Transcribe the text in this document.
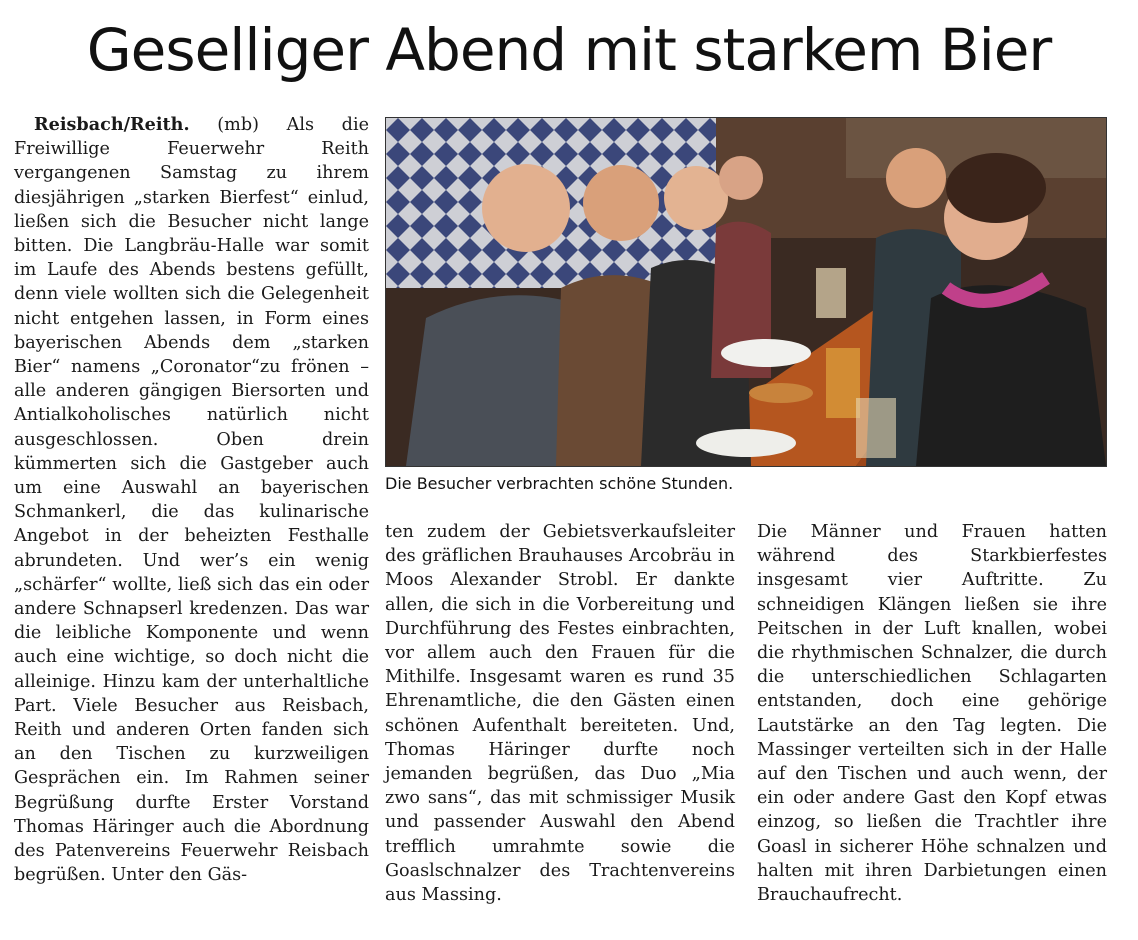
Geselliger Abend mit starkem Bier

Reisbach/Reith. (mb) Als die Freiwillige Feuerwehr Reith vergangenen Samstag zu ihrem diesjährigen „starken Bierfest“ einlud, ließen sich die Besucher nicht lange bitten. Die Langbräu-Halle war somit im Laufe des Abends bestens gefüllt, denn viele wollten sich die Gelegenheit nicht entgehen lassen, in Form eines bayerischen Abends dem „starken Bier“ namens „Coronator“zu frönen – alle anderen gängigen Biersorten und Antialkoholisches natürlich nicht ausgeschlossen. Oben drein kümmerten sich die Gastgeber auch um eine Auswahl an bayerischen Schmankerl, die das kulinarische Angebot in der beheizten Festhalle abrundeten. Und wer’s ein wenig „schärfer“ wollte, ließ sich das ein oder andere Schnapserl kredenzen. Das war die leibliche Komponente und wenn auch eine wichtige, so doch nicht die alleinige. Hinzu kam der unterhaltliche Part. Viele Besucher aus Reisbach, Reith und anderen Orten fanden sich an den Tischen zu kurzweiligen Gesprächen ein. Im Rahmen seiner Begrüßung durfte Erster Vorstand Thomas Häringer auch die Abordnung des Patenvereins Feuerwehr Reisbach begrüßen. Unter den Gäs-

Die Besucher verbrachten schöne Stunden.

ten zudem der Gebietsverkaufsleiter des gräflichen Brauhauses Arcobräu in Moos Alexander Strobl. Er dankte allen, die sich in die Vorbereitung und Durchführung des Festes einbrachten, vor allem auch den Frauen für die Mithilfe. Insgesamt waren es rund 35 Ehrenamtliche, die den Gästen einen schönen Aufenthalt bereiteten. Und, Thomas Häringer durfte noch jemanden begrüßen, das Duo „Mia zwo sans“, das mit schmissiger Musik und passender Auswahl den Abend trefflich umrahmte sowie die Goaslschnalzer des Trachtenvereins aus Massing.

Die Männer und Frauen hatten während des Starkbierfestes insgesamt vier Auftritte. Zu schneidigen Klängen ließen sie ihre Peitschen in der Luft knallen, wobei die rhythmischen Schnalzer, die durch die unterschiedlichen Schlagarten entstanden, doch eine gehörige Lautstärke an den Tag legten. Die Massinger verteilten sich in der Halle auf den Tischen und auch wenn, der ein oder andere Gast den Kopf etwas einzog, so ließen die Trachtler ihre Goasl in sicherer Höhe schnalzen und halten mit ihren Darbietungen einen Brauchaufrecht.
